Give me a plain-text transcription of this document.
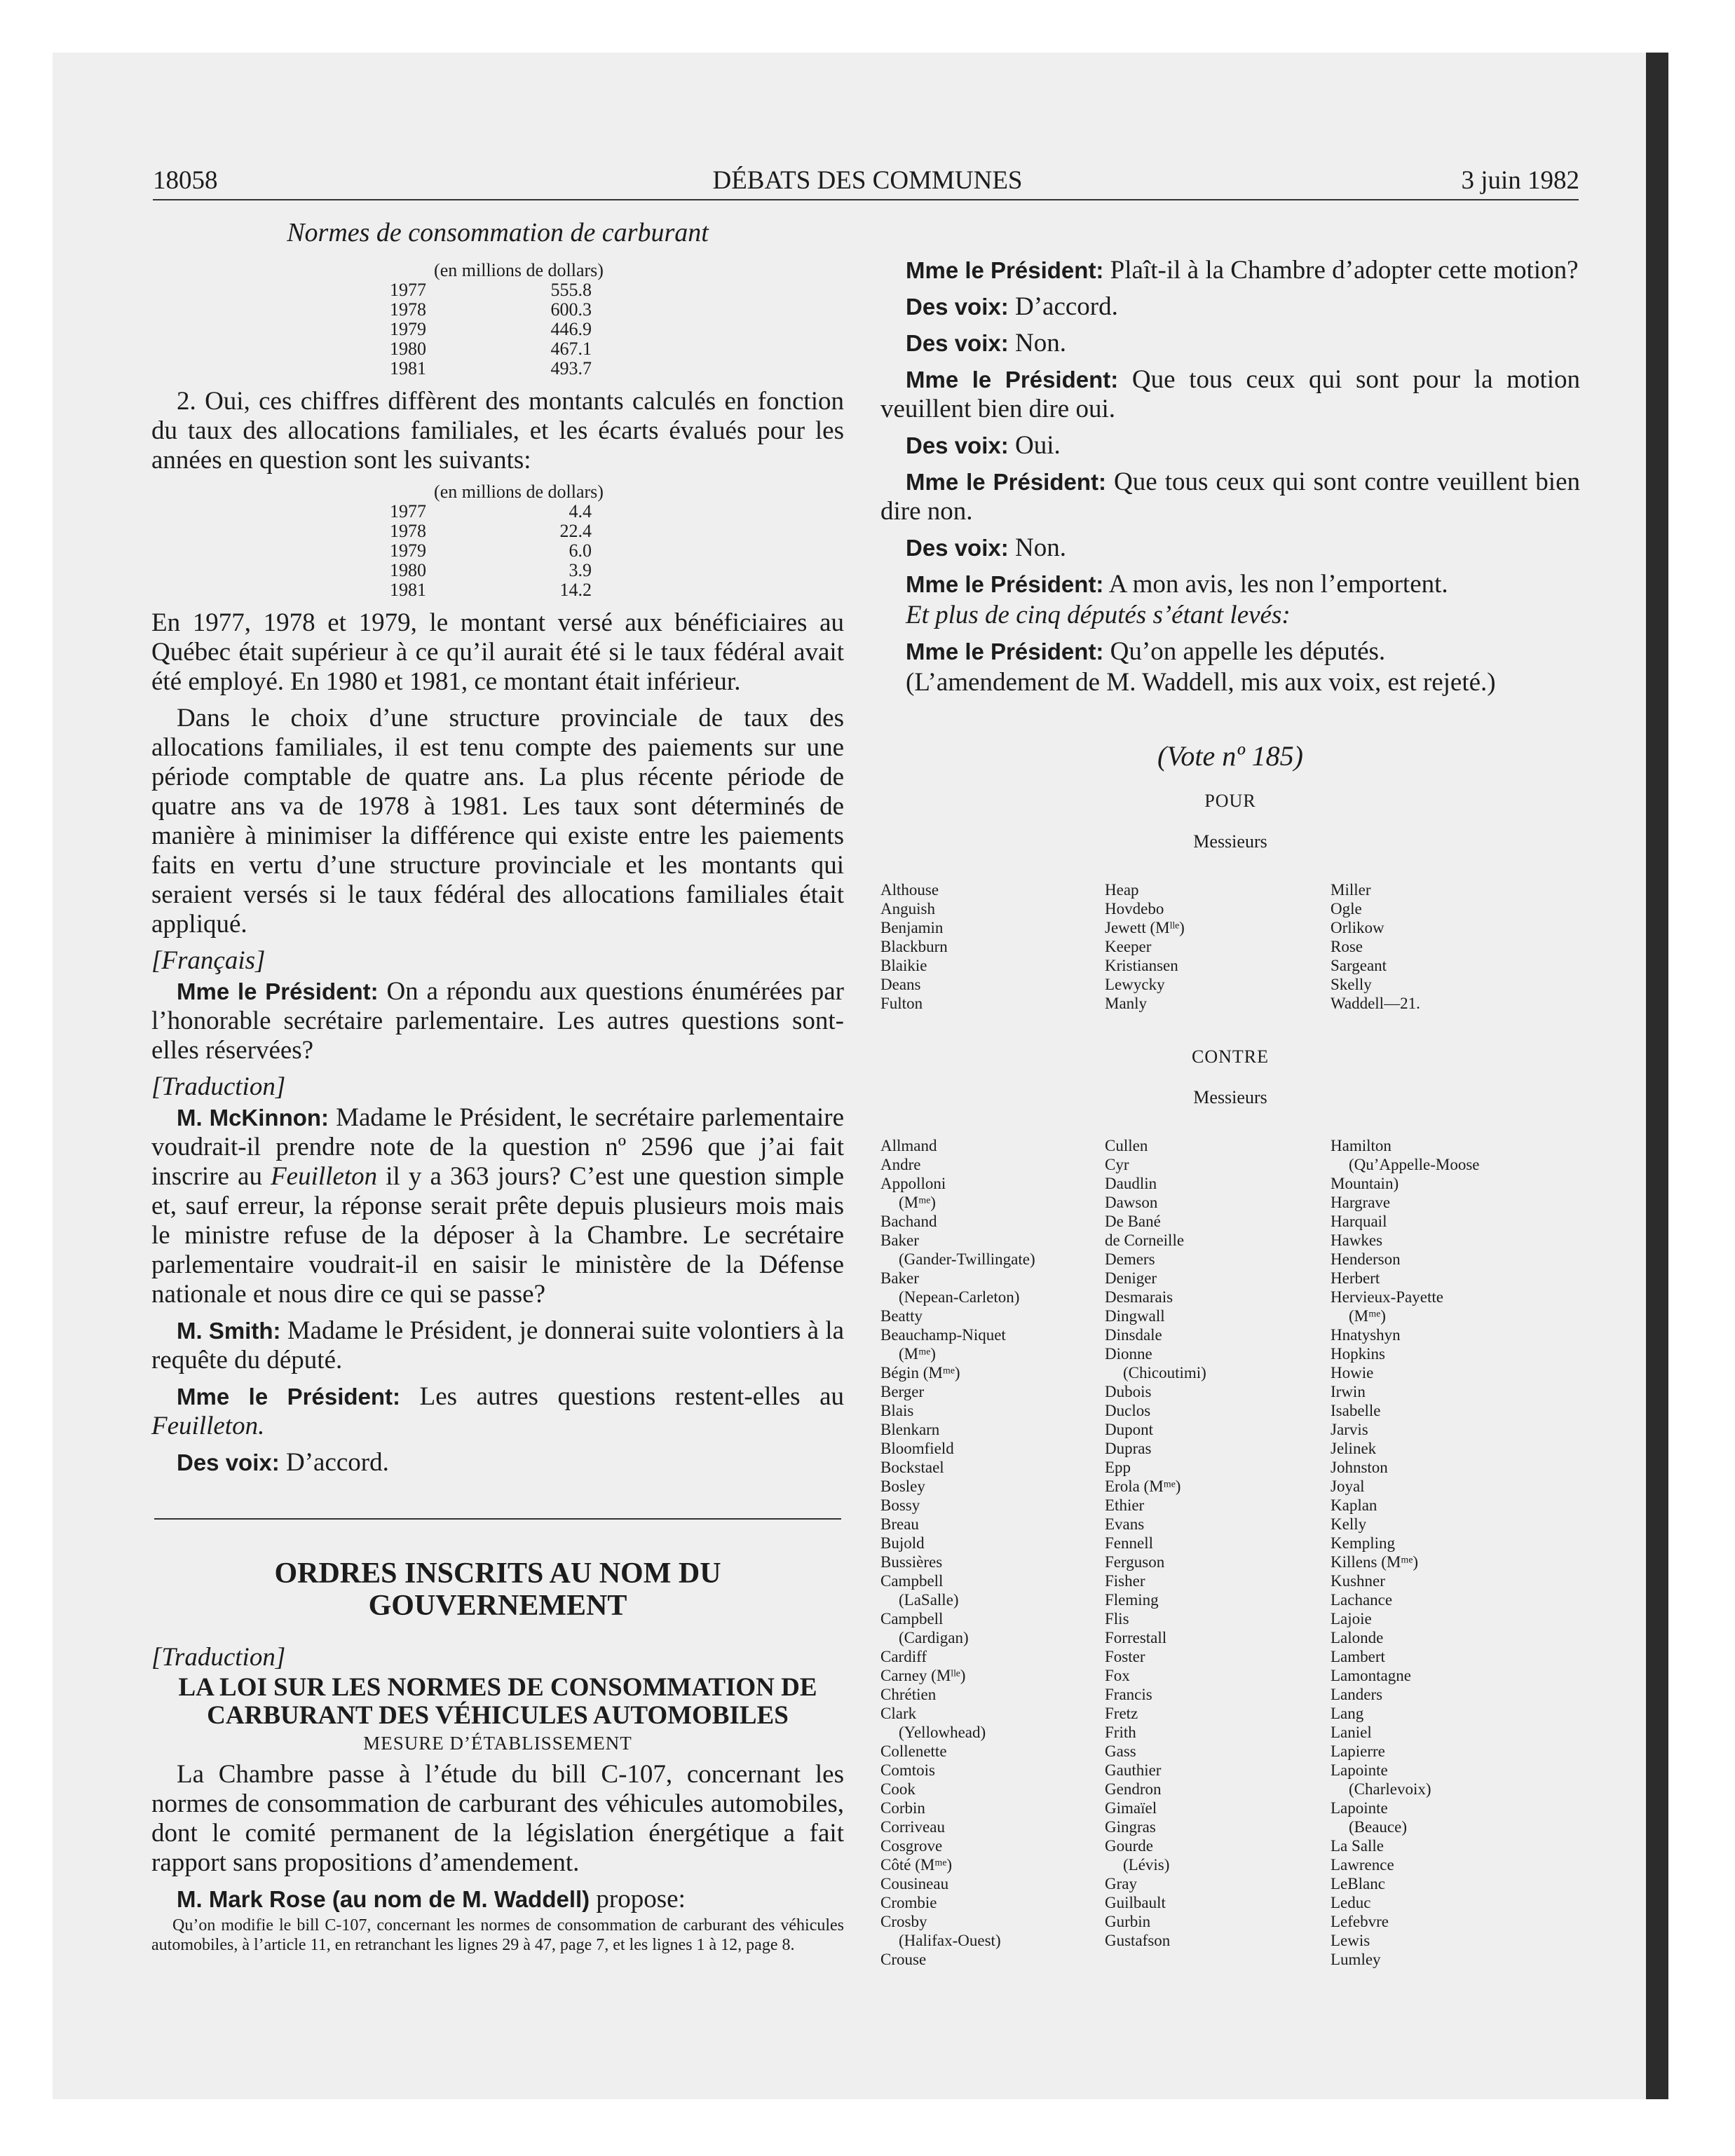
18058	DÉBATS DES COMMUNES	3 juin 1982
Normes de consommation de carburant
(en millions de dollars)
1977	555.8
1978	600.3
1979	446.9
1980	467.1
1981	493.7

2. Oui, ces chiffres diffèrent des montants calculés en fonction du taux des allocations familiales, et les écarts évalués pour les années en question sont les suivants:

(en millions de dollars)
1977	4.4
1978	22.4
1979	6.0
1980	3.9
1981	14.2

En 1977, 1978 et 1979, le montant versé aux bénéficiaires au Québec était supérieur à ce qu’il aurait été si le taux fédéral avait été employé. En 1980 et 1981, ce montant était inférieur.

Dans le choix d’une structure provinciale de taux des allocations familiales, il est tenu compte des paiements sur une période comptable de quatre ans. La plus récente période de quatre ans va de 1978 à 1981. Les taux sont déterminés de manière à minimiser la différence qui existe entre les paiements faits en vertu d’une structure provinciale et les montants qui seraient versés si le taux fédéral des allocations familiales était appliqué.

[Français]

Mme le Président: On a répondu aux questions énumérées par l’honorable secrétaire parlementaire. Les autres questions sont-elles réservées?

[Traduction]

M. McKinnon: Madame le Président, le secrétaire parlementaire voudrait-il prendre note de la question nº 2596 que j’ai fait inscrire au Feuilleton il y a 363 jours? C’est une question simple et, sauf erreur, la réponse serait prête depuis plusieurs mois mais le ministre refuse de la déposer à la Chambre. Le secrétaire parlementaire voudrait-il en saisir le ministère de la Défense nationale et nous dire ce qui se passe?

M. Smith: Madame le Président, je donnerai suite volontiers à la requête du député.

Mme le Président: Les autres questions restent-elles au Feuilleton.

Des voix: D’accord.

ORDRES INSCRITS AU NOM DU GOUVERNEMENT

[Traduction]

LA LOI SUR LES NORMES DE CONSOMMATION DE CARBURANT DES VÉHICULES AUTOMOBILES
MESURE D’ÉTABLISSEMENT

La Chambre passe à l’étude du bill C-107, concernant les normes de consommation de carburant des véhicules automobiles, dont le comité permanent de la législation énergétique a fait rapport sans propositions d’amendement.

M. Mark Rose (au nom de M. Waddell) propose:

Qu’on modifie le bill C-107, concernant les normes de consommation de carburant des véhicules automobiles, à l’article 11, en retranchant les lignes 29 à 47, page 7, et les lignes 1 à 12, page 8.

Mme le Président: Plaît-il à la Chambre d’adopter cette motion?

Des voix: D’accord.

Des voix: Non.

Mme le Président: Que tous ceux qui sont pour la motion veuillent bien dire oui.

Des voix: Oui.

Mme le Président: Que tous ceux qui sont contre veuillent bien dire non.

Des voix: Non.

Mme le Président: A mon avis, les non l’emportent.

Et plus de cinq députés s’étant levés:

Mme le Président: Qu’on appelle les députés.

(L’amendement de M. Waddell, mis aux voix, est rejeté.)

(Vote nº 185)
POUR
Messieurs
Althouse
Anguish
Benjamin
Blackburn
Blaikie
Deans
Fulton
Heap
Hovdebo
Jewett (Mˡˡᵉ)
Keeper
Kristiansen
Lewycky
Manly
Miller
Ogle
Orlikow
Rose
Sargeant
Skelly
Waddell—21.
CONTRE
Messieurs
Allmand
Andre
Appolloni
(Mᵐᵉ)
Bachand
Baker
(Gander-Twillingate)
Baker
(Nepean-Carleton)
Beatty
Beauchamp-Niquet
(Mᵐᵉ)
Bégin (Mᵐᵉ)
Berger
Blais
Blenkarn
Bloomfield
Bockstael
Bosley
Bossy
Breau
Bujold
Bussières
Campbell
(LaSalle)
Campbell
(Cardigan)
Cardiff
Carney (Mˡˡᵉ)
Chrétien
Clark
(Yellowhead)
Collenette
Comtois
Cook
Corbin
Corriveau
Cosgrove
Côté (Mᵐᵉ)
Cousineau
Crombie
Crosby
(Halifax-Ouest)
Crouse
Cullen
Cyr
Daudlin
Dawson
De Bané
de Corneille
Demers
Deniger
Desmarais
Dingwall
Dinsdale
Dionne
(Chicoutimi)
Dubois
Duclos
Dupont
Dupras
Epp
Erola (Mᵐᵉ)
Ethier
Evans
Fennell
Ferguson
Fisher
Fleming
Flis
Forrestall
Foster
Fox
Francis
Fretz
Frith
Gass
Gauthier
Gendron
Gimaïel
Gingras
Gourde
(Lévis)
Gray
Guilbault
Gurbin
Gustafson
Hamilton
(Qu’Appelle-Moose
Mountain)
Hargrave
Harquail
Hawkes
Henderson
Herbert
Hervieux-Payette
(Mᵐᵉ)
Hnatyshyn
Hopkins
Howie
Irwin
Isabelle
Jarvis
Jelinek
Johnston
Joyal
Kaplan
Kelly
Kempling
Killens (Mᵐᵉ)
Kushner
Lachance
Lajoie
Lalonde
Lambert
Lamontagne
Landers
Lang
Laniel
Lapierre
Lapointe
(Charlevoix)
Lapointe
(Beauce)
La Salle
Lawrence
LeBlanc
Leduc
Lefebvre
Lewis
Lumley
